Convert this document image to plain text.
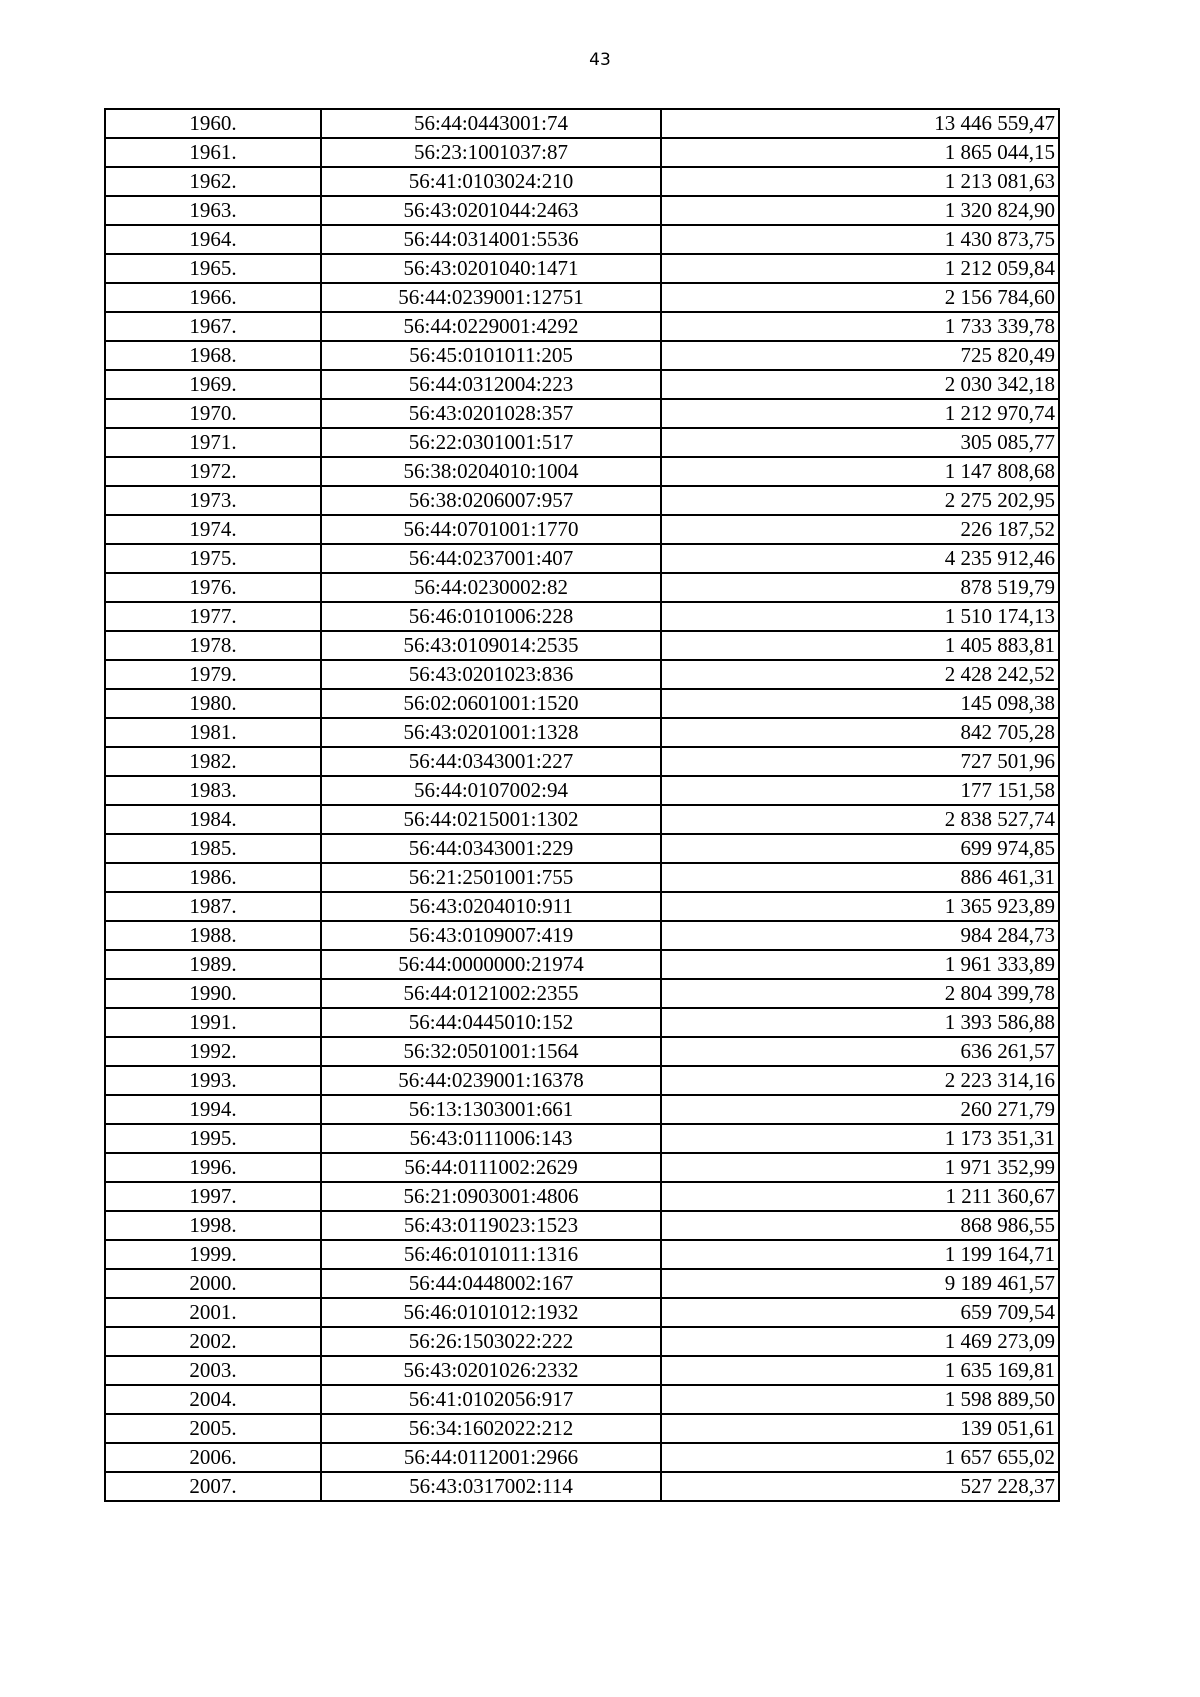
43
1960.	56:44:0443001:74	13 446 559,47
1961.	56:23:1001037:87	1 865 044,15
1962.	56:41:0103024:210	1 213 081,63
1963.	56:43:0201044:2463	1 320 824,90
1964.	56:44:0314001:5536	1 430 873,75
1965.	56:43:0201040:1471	1 212 059,84
1966.	56:44:0239001:12751	2 156 784,60
1967.	56:44:0229001:4292	1 733 339,78
1968.	56:45:0101011:205	725 820,49
1969.	56:44:0312004:223	2 030 342,18
1970.	56:43:0201028:357	1 212 970,74
1971.	56:22:0301001:517	305 085,77
1972.	56:38:0204010:1004	1 147 808,68
1973.	56:38:0206007:957	2 275 202,95
1974.	56:44:0701001:1770	226 187,52
1975.	56:44:0237001:407	4 235 912,46
1976.	56:44:0230002:82	878 519,79
1977.	56:46:0101006:228	1 510 174,13
1978.	56:43:0109014:2535	1 405 883,81
1979.	56:43:0201023:836	2 428 242,52
1980.	56:02:0601001:1520	145 098,38
1981.	56:43:0201001:1328	842 705,28
1982.	56:44:0343001:227	727 501,96
1983.	56:44:0107002:94	177 151,58
1984.	56:44:0215001:1302	2 838 527,74
1985.	56:44:0343001:229	699 974,85
1986.	56:21:2501001:755	886 461,31
1987.	56:43:0204010:911	1 365 923,89
1988.	56:43:0109007:419	984 284,73
1989.	56:44:0000000:21974	1 961 333,89
1990.	56:44:0121002:2355	2 804 399,78
1991.	56:44:0445010:152	1 393 586,88
1992.	56:32:0501001:1564	636 261,57
1993.	56:44:0239001:16378	2 223 314,16
1994.	56:13:1303001:661	260 271,79
1995.	56:43:0111006:143	1 173 351,31
1996.	56:44:0111002:2629	1 971 352,99
1997.	56:21:0903001:4806	1 211 360,67
1998.	56:43:0119023:1523	868 986,55
1999.	56:46:0101011:1316	1 199 164,71
2000.	56:44:0448002:167	9 189 461,57
2001.	56:46:0101012:1932	659 709,54
2002.	56:26:1503022:222	1 469 273,09
2003.	56:43:0201026:2332	1 635 169,81
2004.	56:41:0102056:917	1 598 889,50
2005.	56:34:1602022:212	139 051,61
2006.	56:44:0112001:2966	1 657 655,02
2007.	56:43:0317002:114	527 228,37
